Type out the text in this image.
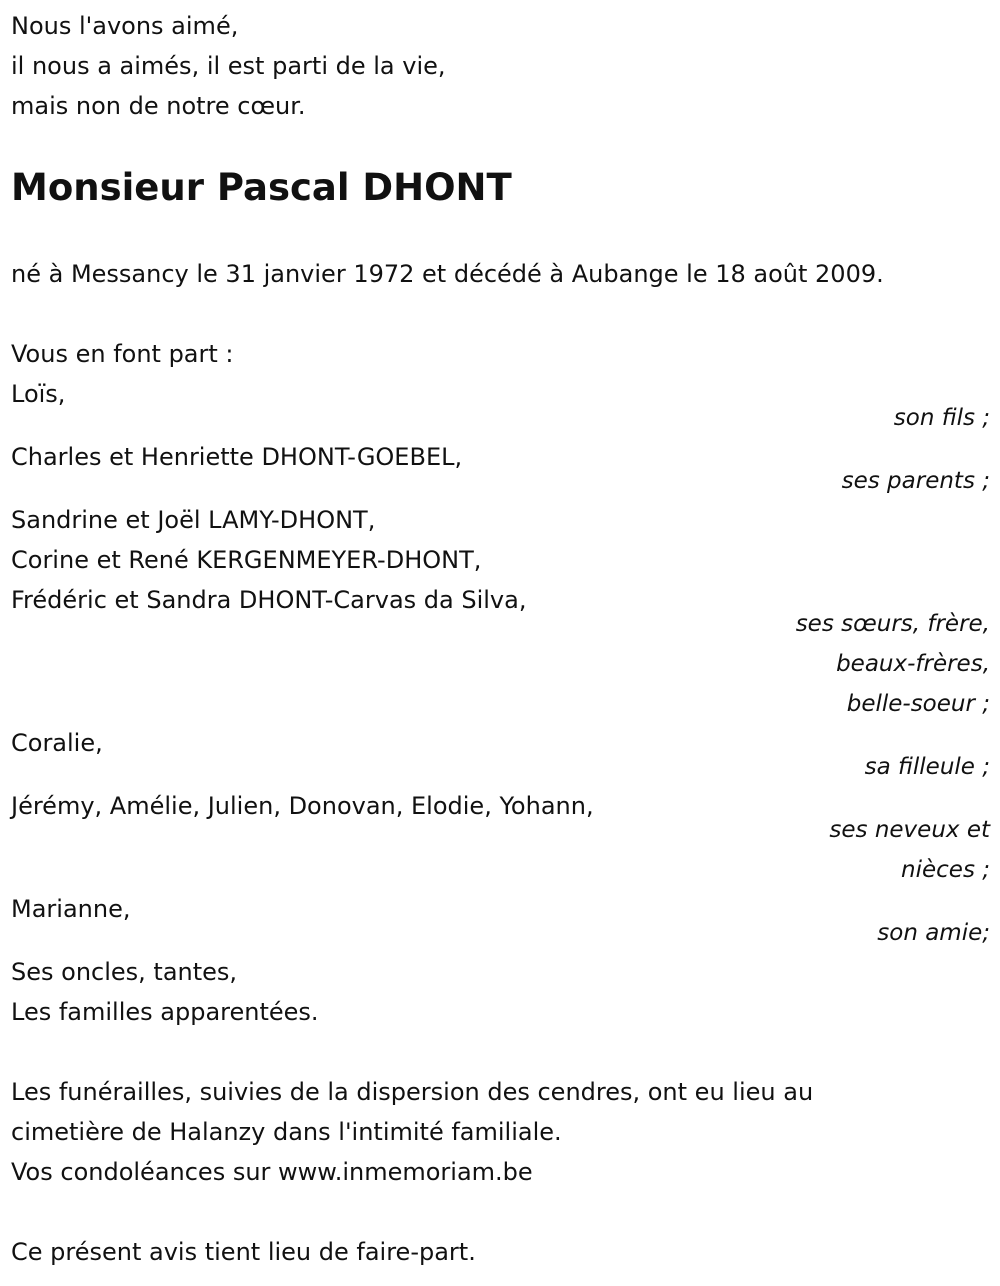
Nous l'avons aimé,
il nous a aimés, il est parti de la vie,
mais non de notre cœur.
Monsieur Pascal DHONT
né à Messancy le 31 janvier 1972 et décédé à Aubange le 18 août 2009.
Vous en font part :
Loïs,
son fils ;
Charles et Henriette DHONT-GOEBEL,
ses parents ;
Sandrine et Joël LAMY-DHONT,
Corine et René KERGENMEYER-DHONT,
Frédéric et Sandra DHONT-Carvas da Silva,
ses sœurs, frère,
beaux-frères,
belle-soeur ;
Coralie,
sa filleule ;
Jérémy, Amélie, Julien, Donovan, Elodie, Yohann,
ses neveux et
nièces ;
Marianne,
son amie;
Ses oncles, tantes,
Les familles apparentées.
Les funérailles, suivies de la dispersion des cendres, ont eu lieu au
cimetière de Halanzy dans l'intimité familiale.
Vos condoléances sur www.inmemoriam.be
Ce présent avis tient lieu de faire-part.
